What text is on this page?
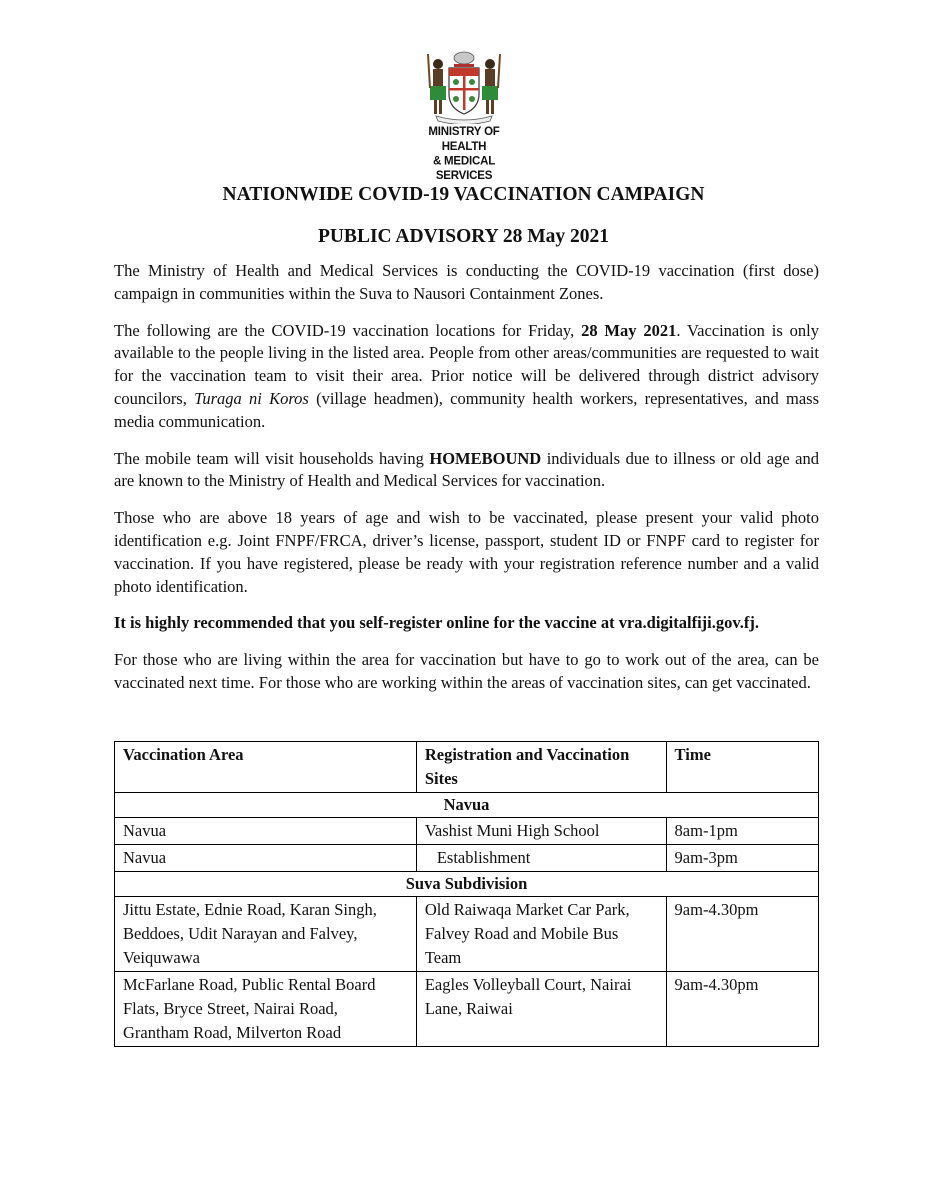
MINISTRY OF HEALTH
& MEDICAL SERVICES
NATIONWIDE COVID-19 VACCINATION CAMPAIGN
PUBLIC ADVISORY 28 May 2021

The Ministry of Health and Medical Services is conducting the COVID-19 vaccination (first dose) campaign in communities within the Suva to Nausori Containment Zones.

The following are the COVID-19 vaccination locations for Friday, 28 May 2021. Vaccination is only available to the people living in the listed area. People from other areas/communities are requested to wait for the vaccination team to visit their area. Prior notice will be delivered through district advisory councilors, Turaga ni Koros (village headmen), community health workers, representatives, and mass media communication.

The mobile team will visit households having HOMEBOUND individuals due to illness or old age and are known to the Ministry of Health and Medical Services for vaccination.

Those who are above 18 years of age and wish to be vaccinated, please present your valid photo identification e.g. Joint FNPF/FRCA, driver’s license, passport, student ID or FNPF card to register for vaccination. If you have registered, please be ready with your registration reference number and a valid photo identification.

It is highly recommended that you self-register online for the vaccine at vra.digitalfiji.gov.fj.

For those who are living within the area for vaccination but have to go to work out of the area, can be vaccinated next time. For those who are working within the areas of vaccination sites, can get vaccinated.

Vaccination Area	Registration and Vaccination Sites	Time
Navua		
Navua	Vashist Muni High School	8am-1pm
Navua	Establishment	9am-3pm
Suva Subdivision		
Jittu Estate, Ednie Road, Karan Singh, Beddoes, Udit Narayan and Falvey, Veiquwawa	Old Raiwaqa Market Car Park, Falvey Road and Mobile Bus Team	9am-4.30pm
McFarlane Road, Public Rental Board Flats, Bryce Street, Nairai Road, Grantham Road, Milverton Road	Eagles Volleyball Court, Nairai Lane, Raiwai	9am-4.30pm
